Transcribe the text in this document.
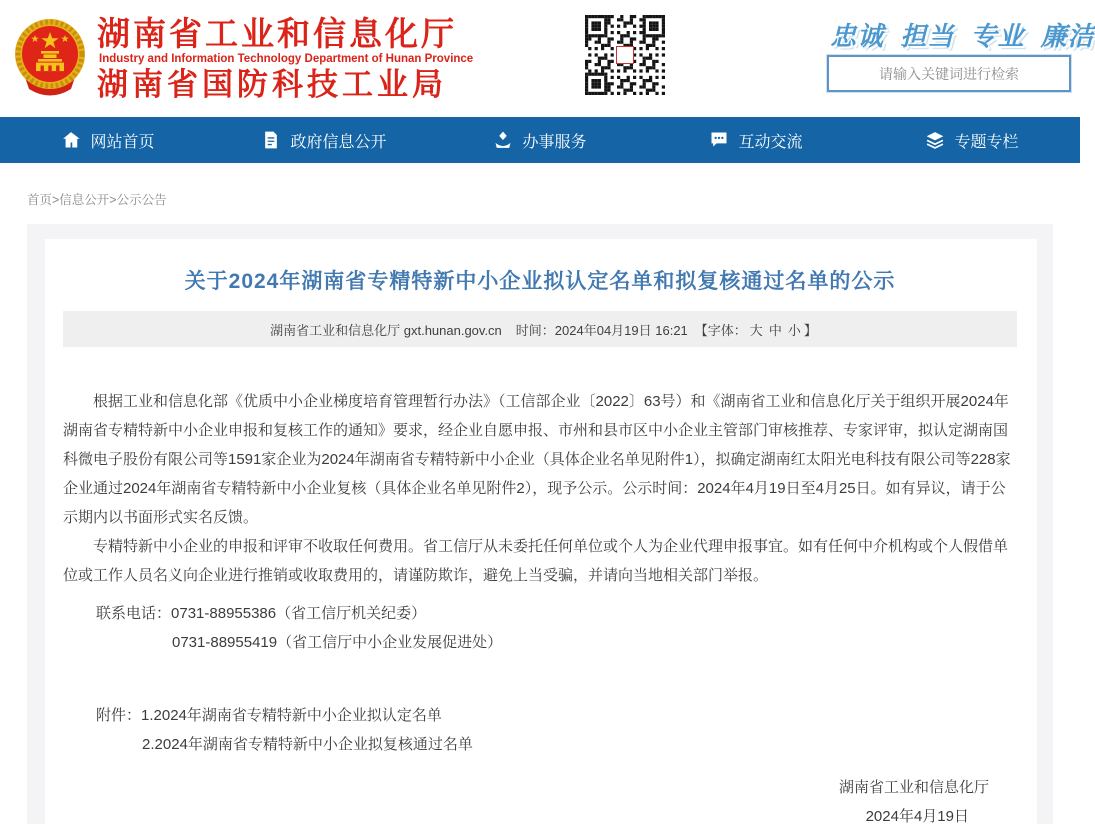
湖南省工业和信息化厅
Industry and Information Technology Department of Hunan Province
湖南省国防科技工业局
忠诚 担当 专业 廉洁
请输入关键词进行检索
网站首页	政府信息公开	办事服务	互动交流	专题专栏
首页>信息公开>公示公告
关于2024年湖南省专精特新中小企业拟认定名单和拟复核通过名单的公示
湖南省工业和信息化厅 gxt.hunan.gov.cn 时间：2024年04月19日 16:21 【字体： 大 中 小 】

根据工业和信息化部《优质中小企业梯度培育管理暂行办法》（工信部企业〔2022〕63号）和《湖南省工业和信息化厅关于组织开展2024年湖南省专精特新中小企业申报和复核工作的通知》要求，经企业自愿申报、市州和县市区中小企业主管部门审核推荐、专家评审，拟认定湖南国科微电子股份有限公司等1591家企业为2024年湖南省专精特新中小企业（具体企业名单见附件1），拟确定湖南红太阳光电科技有限公司等228家企业通过2024年湖南省专精特新中小企业复核（具体企业名单见附件2），现予公示。公示时间：2024年4月19日至4月25日。如有异议，请于公示期内以书面形式实名反馈。

专精特新中小企业的申报和评审不收取任何费用。省工信厅从未委托任何单位或个人为企业代理申报事宜。如有任何中介机构或个人假借单位或工作人员名义向企业进行推销或收取费用的，请谨防欺诈，避免上当受骗，并请向当地相关部门举报。

联系电话：0731-88955386（省工信厅机关纪委）
0731-88955419（省工信厅中小企业发展促进处）
附件：1.2024年湖南省专精特新中小企业拟认定名单
2.2024年湖南省专精特新中小企业拟复核通过名单
湖南省工业和信息化厅
2024年4月19日
